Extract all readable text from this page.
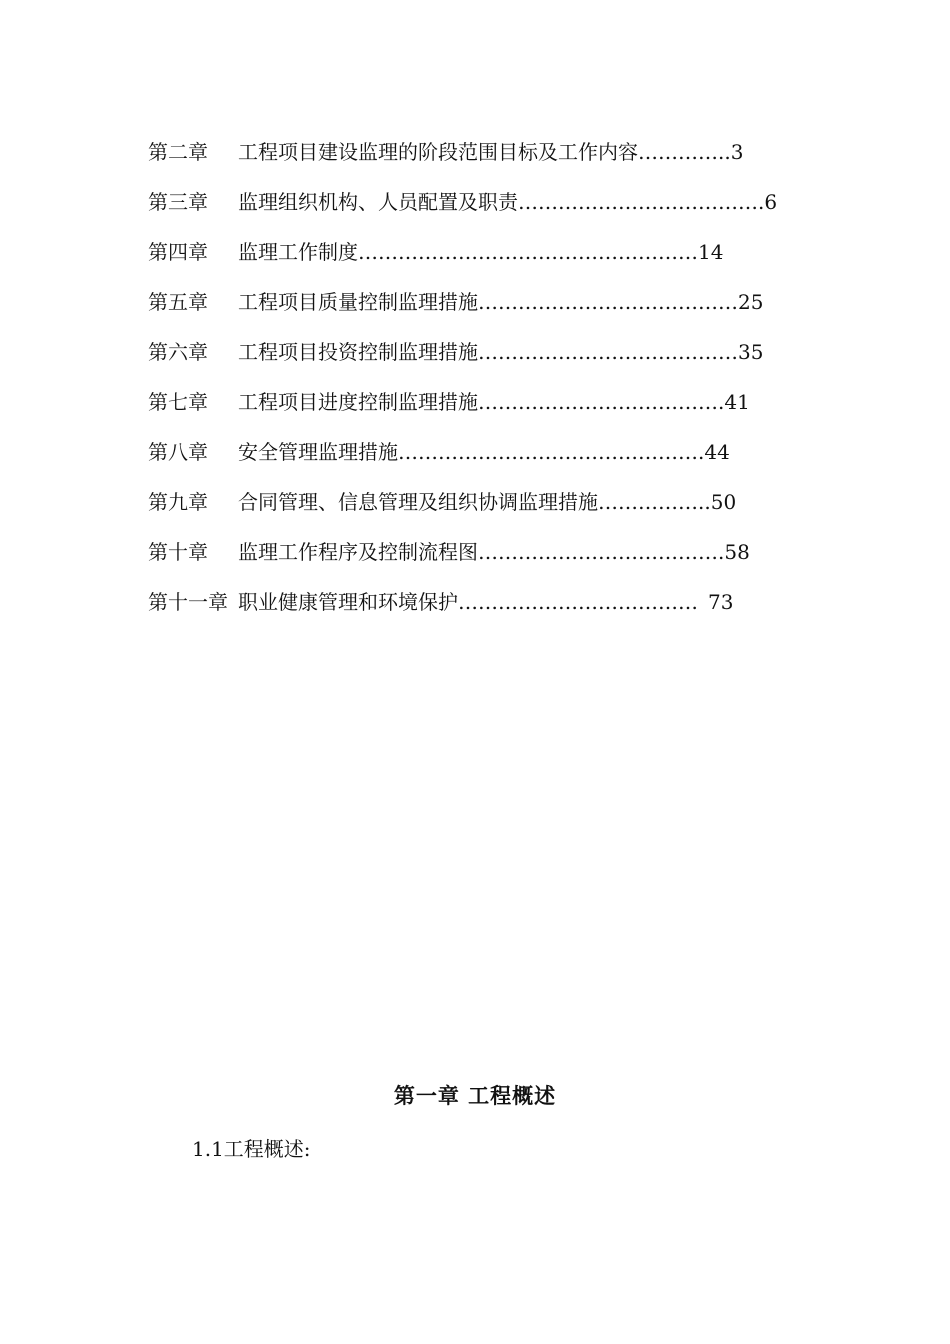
第二章 工程项目建设监理的阶段范围目标及工作内容…………..3
第三章 监理组织机构、人员配置及职责……………………………….6
第四章 监理工作制度……………………………………………14
第五章 工程项目质量控制监理措施…………………………………25
第六章 工程项目投资控制监理措施…………………………………35
第七章 工程项目进度控制监理措施……………………………….41
第八章 安全管理监理措施……………………………………….44
第九章 合同管理、信息管理及组织协调监理措施……………..50
第十章 监理工作程序及控制流程图……………………………….58
第十一章 职业健康管理和环境保护……………………………… 73
第一章 工程概述
1.1工程概述:
